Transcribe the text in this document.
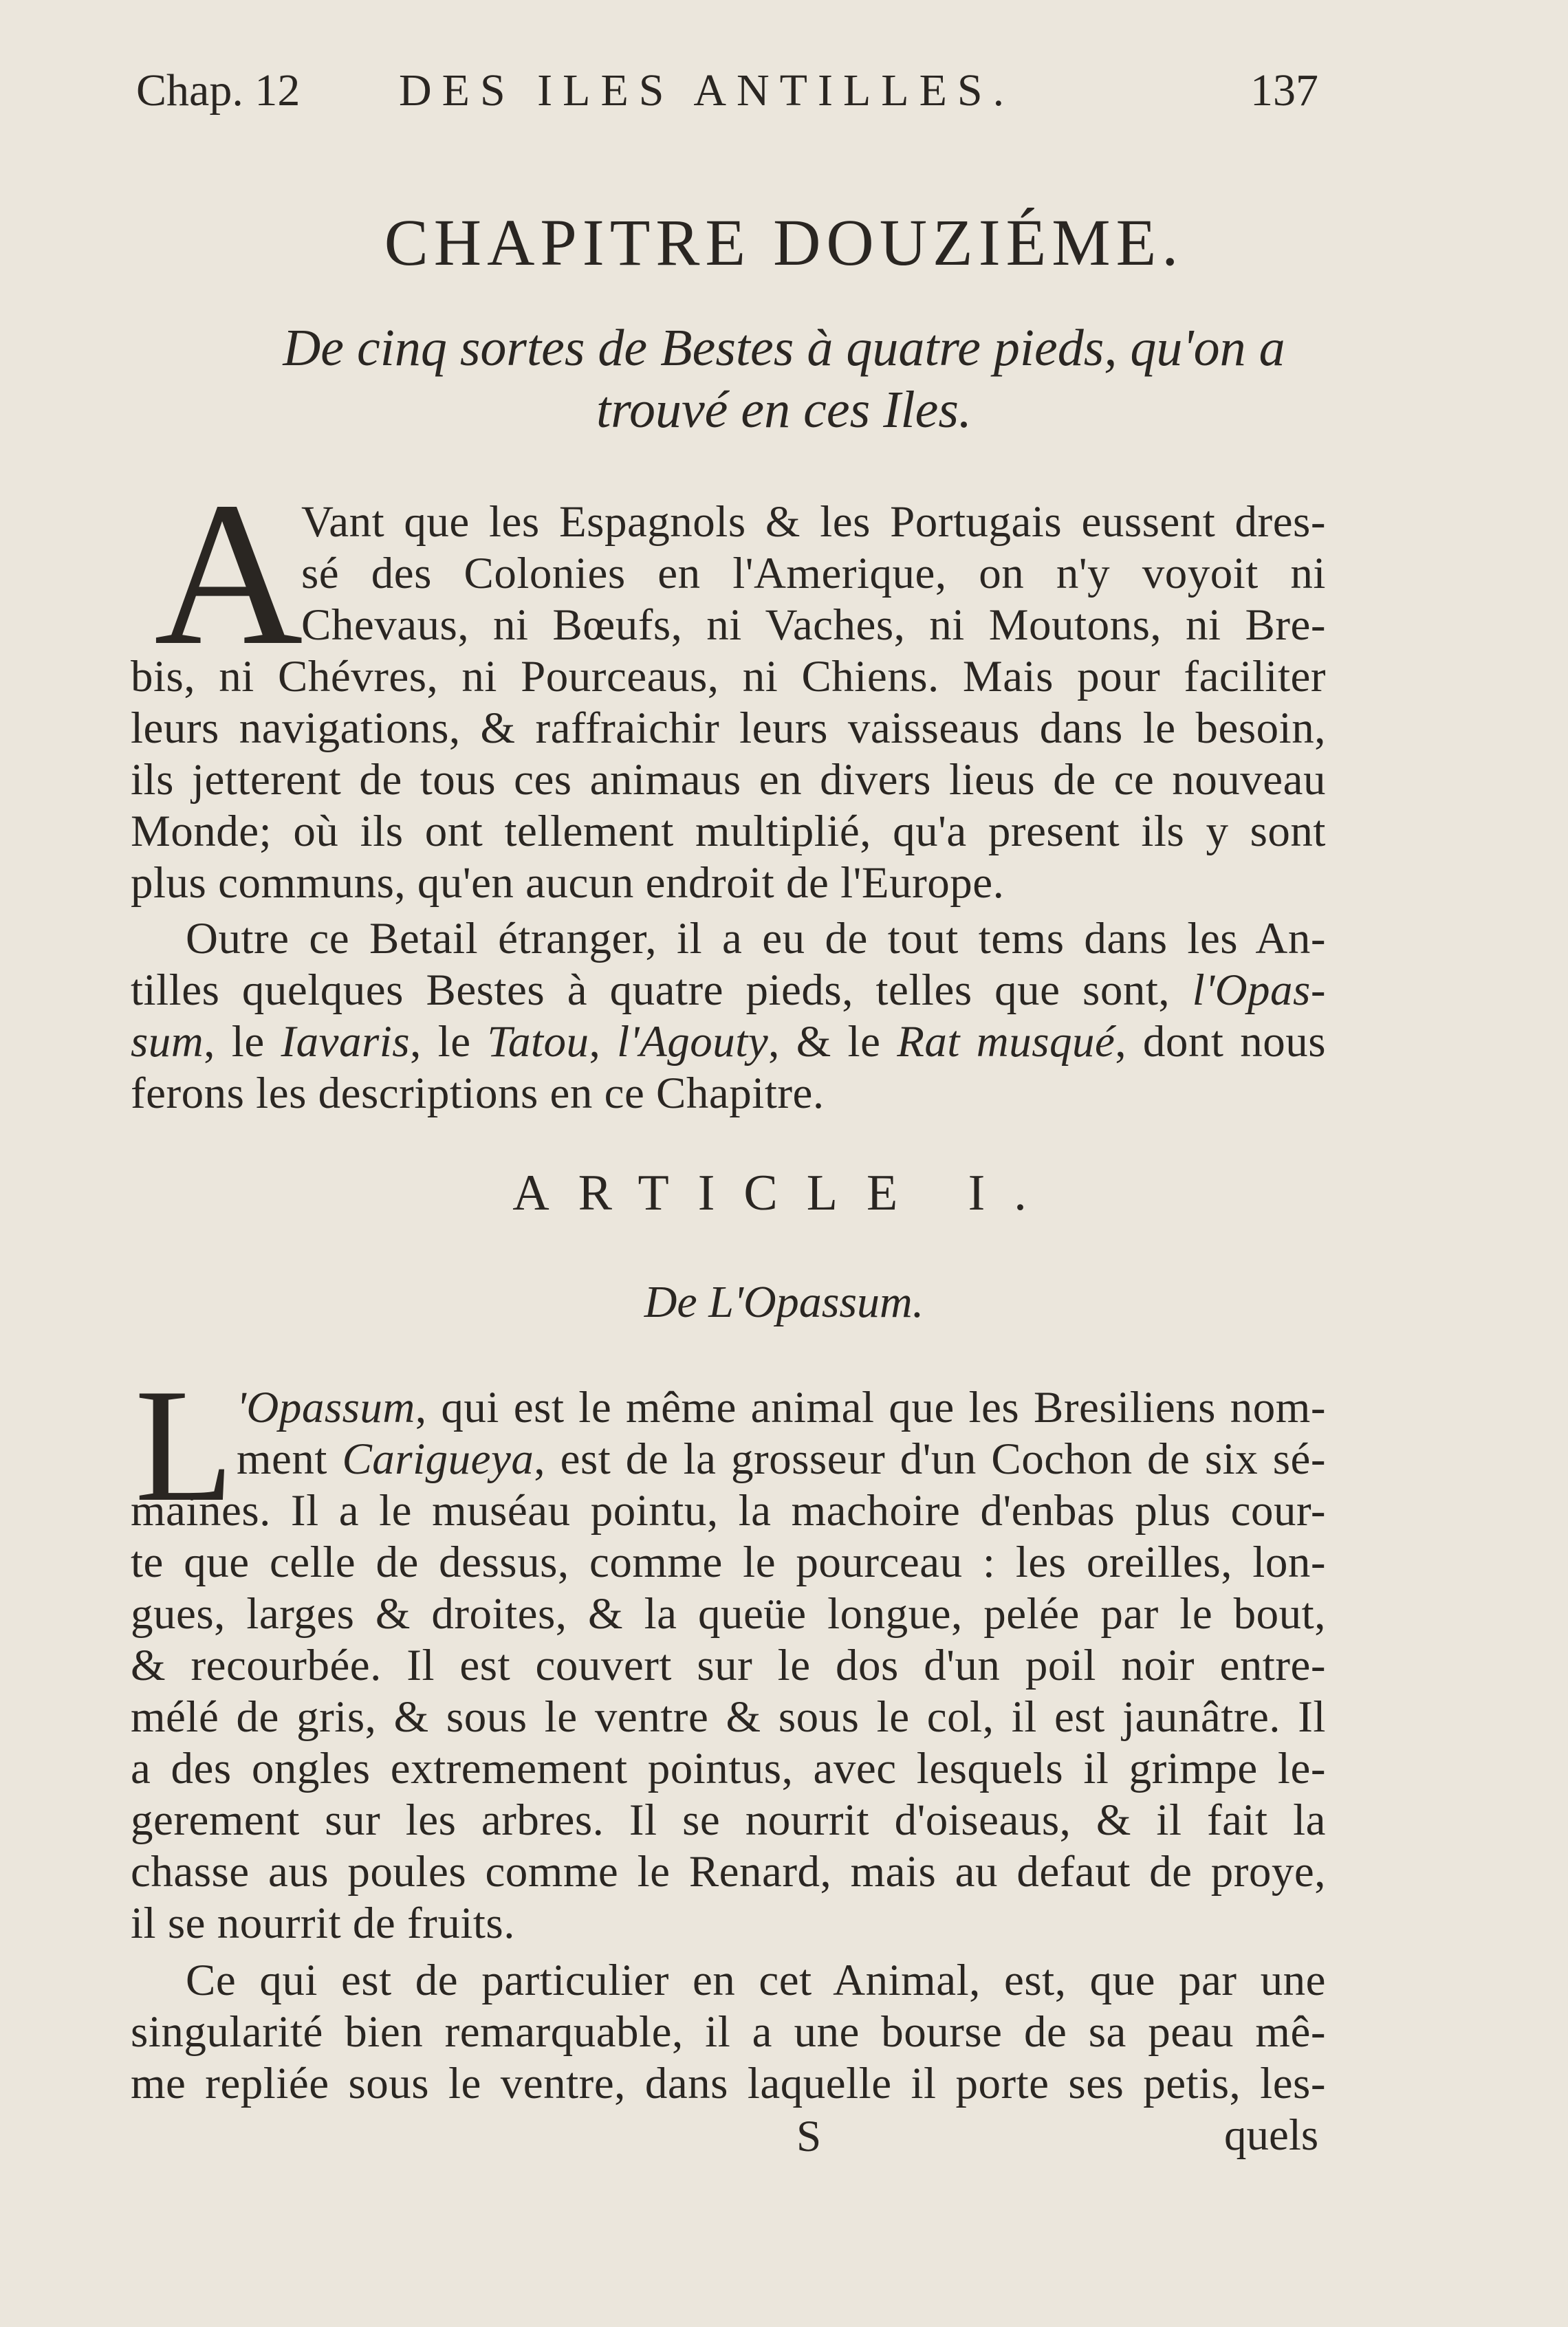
Chap. 12 DES ILES ANTILLES.	137
CHAPITRE DOUZIÉME.
De cinq sortes de Bestes à quatre pieds, qu'on a
trouvé en ces Iles.
A
Vant que les Espagnols & les Portugais eussent dres-
sé des Colonies en l'Amerique, on n'y voyoit ni
Chevaus, ni Bœufs, ni Vaches, ni Moutons, ni Bre-
bis, ni Chévres, ni Pourceaus, ni Chiens. Mais pour faciliter
leurs navigations, & raffraichir leurs vaisseaus dans le besoin,
ils jetterent de tous ces animaus en divers lieus de ce nouveau
Monde; où ils ont tellement multiplié, qu'a present ils y sont
plus communs, qu'en aucun endroit de l'Europe.
Outre ce Betail étranger, il a eu de tout tems dans les An-
tilles quelques Bestes à quatre pieds, telles que sont, l'Opas-
sum, le Iavaris, le Tatou, l'Agouty, & le Rat musqué, dont nous
ferons les descriptions en ce Chapitre.
ARTICLE I.
De L'Opassum.
L 'Opassum, qui est le même animal que les Bresiliens nom-
ment Carigueya, est de la grosseur d'un Cochon de six sé-
maines. Il a le muséau pointu, la machoire d'enbas plus cour-
te que celle de dessus, comme le pourceau : les oreilles, lon-
gues, larges & droites, & la queüe longue, pelée par le bout,
& recourbée. Il est couvert sur le dos d'un poil noir entre-
mélé de gris, & sous le ventre & sous le col, il est jaunâtre. Il
a des ongles extremement pointus, avec lesquels il grimpe le-
gerement sur les arbres. Il se nourrit d'oiseaus, & il fait la
chasse aus poules comme le Renard, mais au defaut de proye,
il se nourrit de fruits.
Ce qui est de particulier en cet Animal, est, que par une
singularité bien remarquable, il a une bourse de sa peau mê-
me repliée sous le ventre, dans laquelle il porte ses petis, les-
S	quels
